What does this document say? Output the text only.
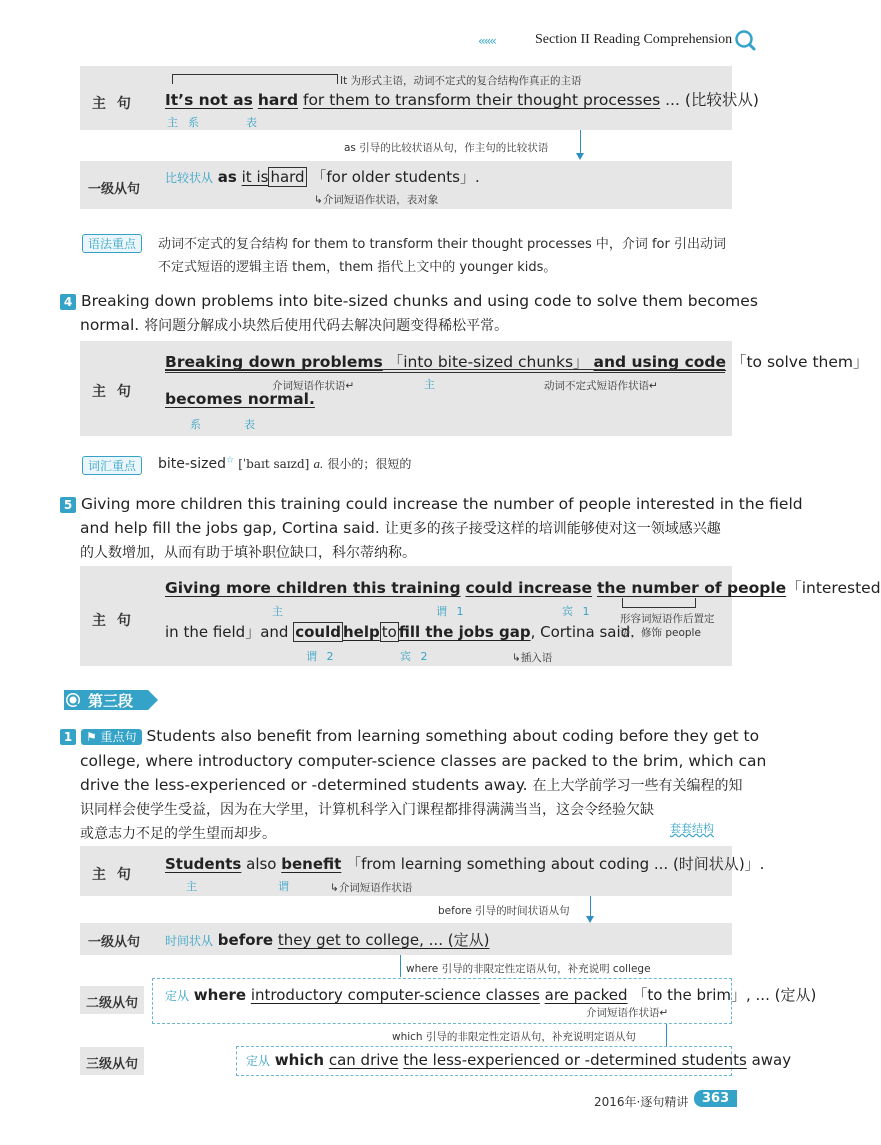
‹‹‹‹‹‹	Section II Reading Comprehension
主 句
It 为形式主语，动词不定式的复合结构作真正的主语
It’s not as hard for them to transform their thought processes ... (比较状从)
主 系	表
as 引导的比较状语从句，作主句的比较状语
一级从句
比较状从 as it is hard 「for older students」.
↳介词短语作状语，表对象
语法重点	动词不定式的复合结构 for them to transform their thought processes 中，介词 for 引出动词
不定式短语的逻辑主语 them，them 指代上文中的 younger kids。
4 Breaking down problems into bite-sized chunks and using code to solve them becomes
normal. 将问题分解成小块然后使用代码去解决问题变得稀松平常。
主 句
Breaking down problems 「into bite-sized chunks」 and using code 「to solve them」
介词短语作状语↵	主	动词不定式短语作状语↵
becomes normal.
系	表
词汇重点	bite-sized☆ [ˈbaɪt saɪzd] a. 很小的；很短的
5 Giving more children this training could increase the number of people interested in the field
and help fill the jobs gap, Cortina said. 让更多的孩子接受这样的培训能够使对这一领域感兴趣
的人数增加，从而有助于填补职位缺口，科尔蒂纳称。
主 句
Giving more children this training could increase the number of people「interested
主	谓 1	宾 1
in the field」and could help to fill the jobs gap, Cortina said.
形容词短语作后置定
语，修饰 people
谓 2	宾 2	↳插入语
第三段
1 ⚑ 重点句 Students also benefit from learning something about coding before they get to
college, where introductory computer-science classes are packed to the brim, which can
drive the less-experienced or -determined students away. 在上大学前学习一些有关编程的知
识同样会使学生受益，因为在大学里，计算机科学入门课程都排得满满当当，这会令经验欠缺
或意志力不足的学生望而却步。	套套结构
主 句
Students also benefit 「from learning something about coding ... (时间状从)」.
主	谓	↳介词短语作状语
before 引导的时间状语从句
一级从句 时间状从 before they get to college, ... (定从)
where 引导的非限定性定语从句，补充说明 college
二级从句 定从 where introductory computer-science classes are packed 「to the brim」, ... (定从)
介词短语作状语↵
which 引导的非限定性定语从句，补充说明定语从句
三级从句	定从 which can drive the less-experienced or -determined students away
2016年·逐句精讲	363
